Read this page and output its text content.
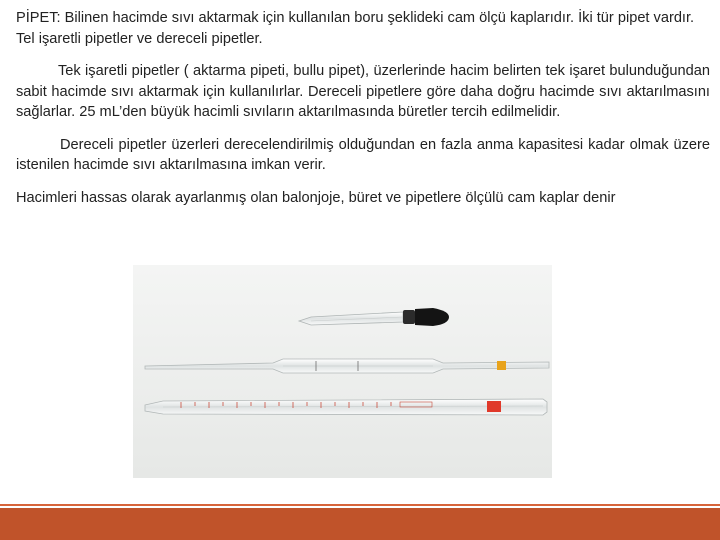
PİPET: Bilinen hacimde sıvı aktarmak için kullanılan boru şeklideki cam ölçü kaplarıdır. İki tür pipet vardır. Tel işaretli pipetler ve dereceli pipetler.

Tek işaretli pipetler ( aktarma pipeti, bullu pipet), üzerlerinde hacim belirten tek işaret bulunduğundan sabit hacimde sıvı aktarmak için kullanılırlar. Dereceli pipetlere göre daha doğru hacimde sıvı aktarılmasını sağlarlar. 25 mL’den büyük hacimli sıvıların aktarılmasında büretler tercih edilmelidir.

Dereceli pipetler üzerleri derecelendirilmiş olduğundan en fazla anma kapasitesi kadar olmak üzere istenilen hacimde sıvı aktarılmasına imkan verir.

Hacimleri hassas olarak ayarlanmış olan balonjoje, büret ve pipetlere ölçülü cam kaplar denir
